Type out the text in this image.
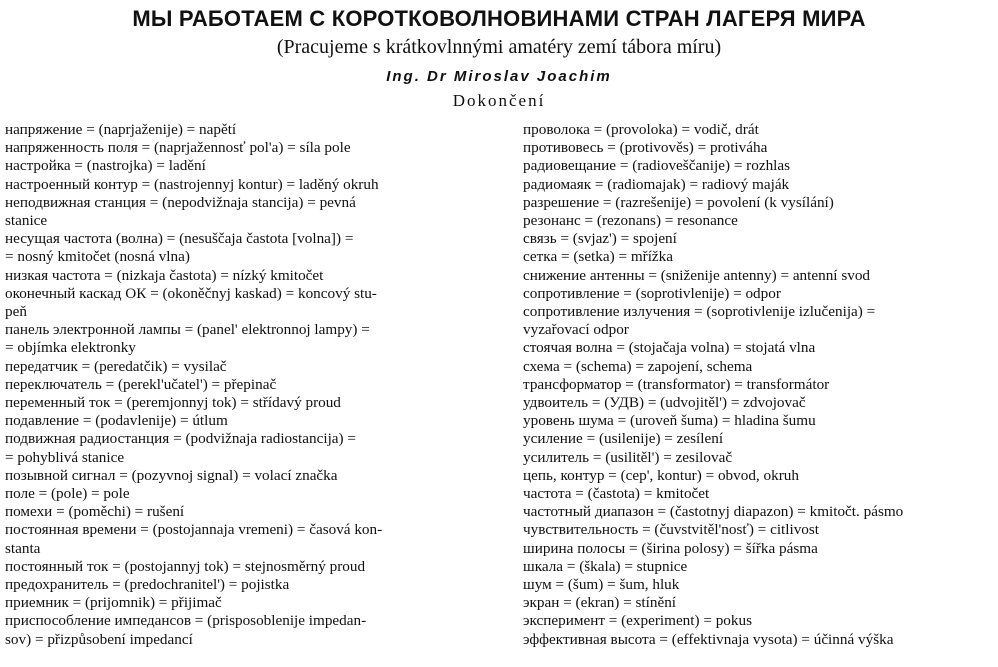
МЫ РАБОТАЕМ С КОРОТКОВОЛНОВИНАМИ СТРАН ЛАГЕРЯ МИРА
(Pracujeme s krátkovlnnými amatéry zemí tábora míru)
Ing. Dr Miroslav Joachim
Dokončení
напряжение = (naprjaženije) = napětí
напряженность поля = (naprjažennosť pol'a) = síla pole
настройка = (nastrojka) = ladění
настроенный контур = (nastrojennyj kontur) = laděný okruh
неподвижная станция = (nepodvižnaja stancija) = pevná
stanice
несущая частота (волна) = (nesuščaja častota [volna]) =
= nosný kmitočet (nosná vlna)
низкая частота = (nizkaja častota) = nízký kmitočet
оконечный каскад ОК = (okoněčnyj kaskad) = koncový stu-
peň
панель электронной лампы = (panel' elektronnoj lampy) =
= objímka elektronky
передатчик = (peredatčik) = vysilač
переключатель = (perekl'učatel') = přepinač
переменный ток = (peremjonnyj tok) = střídavý proud
подавление = (podavlenije) = útlum
подвижная радиостанция = (podvižnaja radiostancija) =
= pohyblivá stanice
позывной сигнал = (pozyvnoj signal) = volací značka
поле = (pole) = pole
помехи = (poměchi) = rušení
постоянная времени = (postojannaja vremeni) = časová kon-
stanta
постоянный ток = (postojannyj tok) = stejnosměrný proud
предохранитель = (predochranitel') = pojistka
приемник = (prijomnik) = přijimač
приспособление импедансов = (prisposoblenije impedan-
sov) = přizpůsobení impedancí
проволока = (provoloka) = vodič, drát
противовесь = (protivověs) = protiváha
радиовещание = (radioveščanije) = rozhlas
радиомаяк = (radiomajak) = radiový maják
разрешение = (razrešenije) = povolení (k vysílání)
резонанс = (rezonans) = resonance
связь = (svjaz') = spojení
сетка = (setka) = mřížka
снижение антенны = (sniženije antenny) = antenní svod
сопротивление = (soprotivlenije) = odpor
сопротивление излучения = (soprotivlenije izlučenija) =
vyzařovací odpor
стоячая волна = (stojačaja volna) = stojatá vlna
схема = (schema) = zapojení, schema
трансформатор = (transformator) = transformátor
удвоитель = (УДВ) = (udvojitěl') = zdvojovač
уровень шума = (uroveň šuma) = hladina šumu
усиление = (usilenije) = zesílení
усилитель = (usilitěl') = zesilovač
цепь, контур = (cep', kontur) = obvod, okruh
частота = (častota) = kmitočet
частотный диапазон = (častotnyj diapazon) = kmitočt. pásmo
чувствительность = (čuvstvitěl'nosť) = citlivost
ширина полосы = (širina polosy) = šířka pásma
шкала = (škala) = stupnice
шум = (šum) = šum, hluk
экран = (ekran) = stínění
эксперимент = (experiment) = pokus
эффективная высота = (effektivnaja vysota) = účinná výška
